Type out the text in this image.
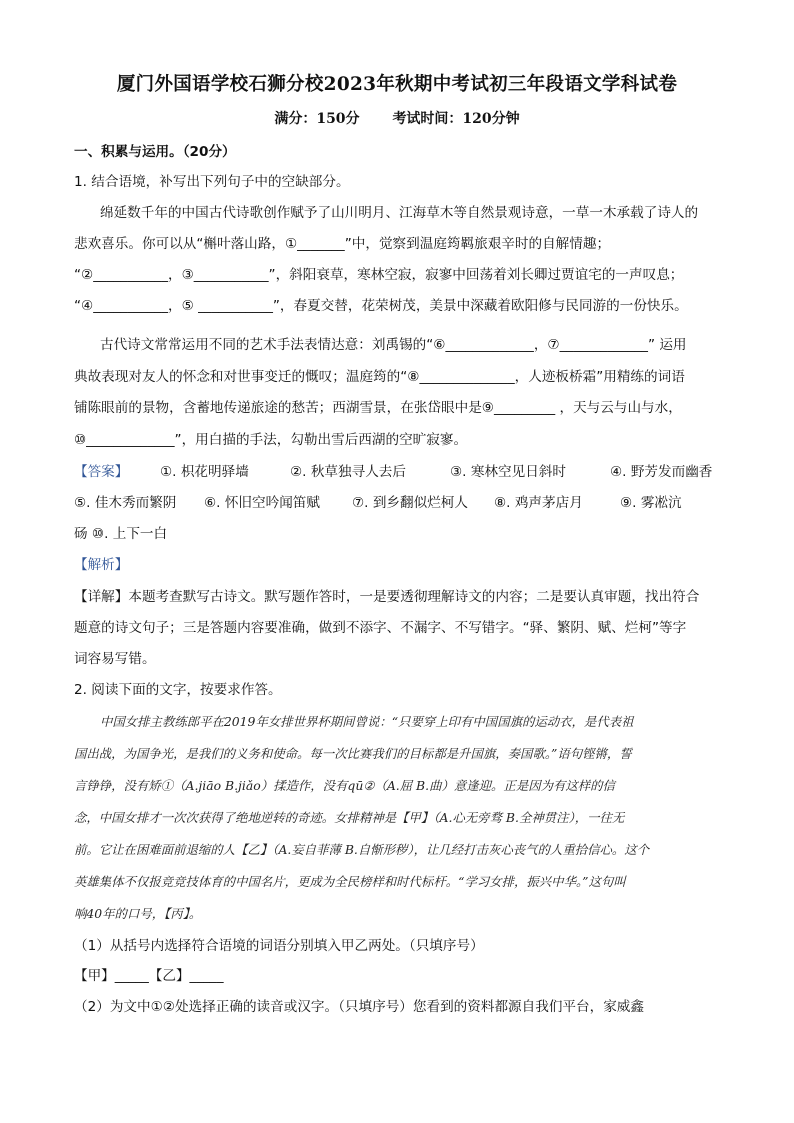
厦门外国语学校石狮分校2023年秋期中考试初三年段语文学科试卷
满分：150分 考试时间：120分钟
一、积累与运用。（20分）
1. 结合语境，补写出下列句子中的空缺部分。
绵延数千年的中国古代诗歌创作赋予了山川明月、江海草木等自然景观诗意，一草一木承载了诗人的
悲欢喜乐。你可以从“槲叶落山路，①_______”中，觉察到温庭筠羁旅艰辛时的自解情趣；
“②___________，③___________”，斜阳衰草，寒林空寂，寂寥中回荡着刘长卿过贾谊宅的一声叹息；
“④___________，⑤ ___________”，春夏交替，花荣树茂，美景中深藏着欧阳修与民同游的一份快乐。
古代诗文常常运用不同的艺术手法表情达意：刘禹锡的“⑥_____________，⑦_____________” 运用
典故表现对友人的怀念和对世事变迁的慨叹；温庭筠的“⑧______________，人迹板桥霜”用精练的词语
铺陈眼前的景物，含蓄地传递旅途的愁苦；西湖雪景，在张岱眼中是⑨_________ ，天与云与山与水，
⑩_____________”，用白描的手法，勾勒出雪后西湖的空旷寂寥。
【答案】	①. 枳花明驿墙	②. 秋草独寻人去后	③. 寒林空见日斜时	④. 野芳发而幽香
⑤. 佳木秀而繁阴	⑥. 怀旧空吟闻笛赋	⑦. 到乡翻似烂柯人	⑧. 鸡声茅店月	⑨. 雾凇沆
砀 ⑩. 上下一白
【解析】
【详解】本题考查默写古诗文。默写题作答时，一是要透彻理解诗文的内容；二是要认真审题，找出符合
题意的诗文句子；三是答题内容要准确，做到不添字、不漏字、不写错字。“驿、繁阴、赋、烂柯”等字
词容易写错。
2. 阅读下面的文字，按要求作答。
中国女排主教练郎平在2019年女排世界杯期间曾说：“只要穿上印有中国国旗的运动衣，是代表祖
国出战，为国争光，是我们的义务和使命。每一次比赛我们的目标都是升国旗，奏国歌。”语句铿锵，誓
言铮铮，没有矫①（A.jiāo B.jiǎo）揉造作，没有qū②（A.屈 B.曲）意逢迎。正是因为有这样的信
念，中国女排才一次次获得了绝地逆转的奇迹。女排精神是【甲】（A.心无旁骛 B.全神贯注），一往无
前。它让在困难面前退缩的人【乙】（A.妄自菲薄 B.自惭形秽），让几经打击灰心丧气的人重拾信心。这个
英雄集体不仅报竞竞技体育的中国名片，更成为全民榜样和时代标杆。“学习女排，振兴中华。”这句叫
响40年的口号，【丙】。
（1）从括号内选择符合语境的词语分别填入甲乙两处。（只填序号）
【甲】_____【乙】_____
（2）为文中①②处选择正确的读音或汉字。（只填序号）您看到的资料都源自我们平台，家威鑫
